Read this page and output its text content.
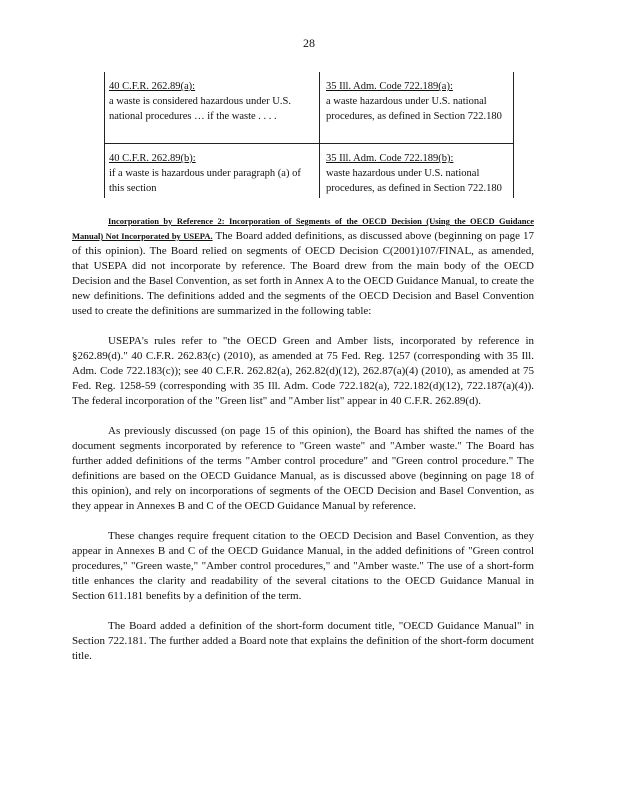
28
40 C.F.R. 262.89(a):
a waste is considered hazardous under U.S. national procedures … if the waste . . . .
35 Ill. Adm. Code 722.189(a):
a waste hazardous under U.S. national procedures, as defined in Section 722.180
40 C.F.R. 262.89(b):
if a waste is hazardous under paragraph (a) of this section
35 Ill. Adm. Code 722.189(b):
waste hazardous under U.S. national procedures, as defined in Section 722.180

Incorporation by Reference 2: Incorporation of Segments of the OECD Decision (Using the OECD Guidance Manual) Not Incorporated by USEPA. The Board added definitions, as discussed above (beginning on page 17 of this opinion). The Board relied on segments of OECD Decision C(2001)107/FINAL, as amended, that USEPA did not incorporate by reference. The Board drew from the main body of the OECD Decision and the Basel Convention, as set forth in Annex A to the OECD Guidance Manual, to create the new definitions. The definitions added and the segments of the OECD Decision and Basel Convention used to create the definitions are summarized in the following table:

USEPA's rules refer to "the OECD Green and Amber lists, incorporated by reference in §262.89(d)." 40 C.F.R. 262.83(c) (2010), as amended at 75 Fed. Reg. 1257 (corresponding with 35 Ill. Adm. Code 722.183(c)); see 40 C.F.R. 262.82(a), 262.82(d)(12), 262.87(a)(4) (2010), as amended at 75 Fed. Reg. 1258-59 (corresponding with 35 Ill. Adm. Code 722.182(a), 722.182(d)(12), 722.187(a)(4)). The federal incorporation of the "Green list" and "Amber list" appear in 40 C.F.R. 262.89(d).

As previously discussed (on page 15 of this opinion), the Board has shifted the names of the document segments incorporated by reference to "Green waste" and "Amber waste." The Board has further added definitions of the terms "Amber control procedure" and "Green control procedure." The definitions are based on the OECD Guidance Manual, as is discussed above (beginning on page 18 of this opinion), and rely on incorporations of segments of the OECD Decision and Basel Convention, as they appear in Annexes B and C of the OECD Guidance Manual by reference.

These changes require frequent citation to the OECD Decision and Basel Convention, as they appear in Annexes B and C of the OECD Guidance Manual, in the added definitions of "Green control procedures," "Green waste," "Amber control procedures," and "Amber waste." The use of a short-form title enhances the clarity and readability of the several citations to the OECD Guidance Manual in Section 611.181 benefits by a definition of the term.

The Board added a definition of the short-form document title, "OECD Guidance Manual" in Section 722.181. The further added a Board note that explains the definition of the short-form document title.
